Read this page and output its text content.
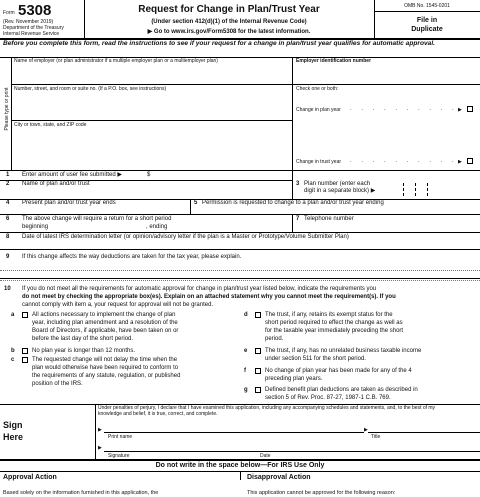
Form 5308
(Rev. November 2019)
Department of the Treasury
Internal Revenue Service
Request for Change in Plan/Trust Year
(Under section 412(d)(1) of the Internal Revenue Code)
▶ Go to www.irs.gov/Form5308 for the latest information.
OMB No. 1545-0201
File in
Duplicate
Before you complete this form, read the instructions to see if your request for a change in plan/trust year qualifies for automatic approval.
Please type or print
Name of employer (or plan administrator if a multiple employer plan or a multiemployer plan)	Employer identification number
Number, street, and room or suite no. (If a P.O. box, see instructions)	Check one or both:
City or town, state, and ZIP code
Change in plan year . . . . . . . . . . ▶
Change in trust year . . . . . . . . . . ▶
1 Enter amount of user fee submitted ▶	$
2 Name of plan and/or trust	3 Plan number (enter each
digit in a separate block) ▶
4 Present plan and/or trust year ends	5 Permission is requested to change to a plan and/or trust year ending
6 The above change will require a return for a short period
beginning	, ending
7 Telephone number
8 Date of latest IRS determination letter (or opinion/advisory letter if the plan is a Master or Prototype/Volume Submitter Plan)
9 If this change affects the way deductions are taken for the tax year, please explain.
10 If you do not meet all the requirements for automatic approval for change in plan/trust year listed below, indicate the requirements you
do not meet by checking the appropriate box(es). Explain on an attached statement why you cannot meet the requirement(s). If you
cannot comply with item a, your request for approval will not be granted.
a	All actions necessary to implement the change of plan
year, including plan amendment and a resolution of the
Board of Directors, if applicable, have been taken on or
before the last day of the short period.
b	No plan year is longer than 12 months.
c	The requested change will not delay the time when the
plan would otherwise have been required to conform to
the requirements of any statute, regulation, or published
position of the IRS.
d	The trust, if any, retains its exempt status for the
short period required to effect the change as well as
for the taxable year immediately preceding the short
period.
e	The trust, if any, has no unrelated business taxable income
under section 511 for the short period.
f	No change of plan year has been made for any of the 4
preceding plan years.
g	Defined benefit plan deductions are taken as described in
section 5 of Rev. Proc. 87-27, 1987-1 C.B. 769.
Sign
Here
Under penalties of perjury, I declare that I have examined this application, including any accompanying schedules and statements, and, to the best of my
knowledge and belief, it is true, correct, and complete.
▶
Print name
▶
Title
▶
Signature	Date
Do not write in the space below—For IRS Use Only
Approval Action	Disapproval Action
Based solely on the information furnished in this application, the	This application cannot be approved for the following reason:
